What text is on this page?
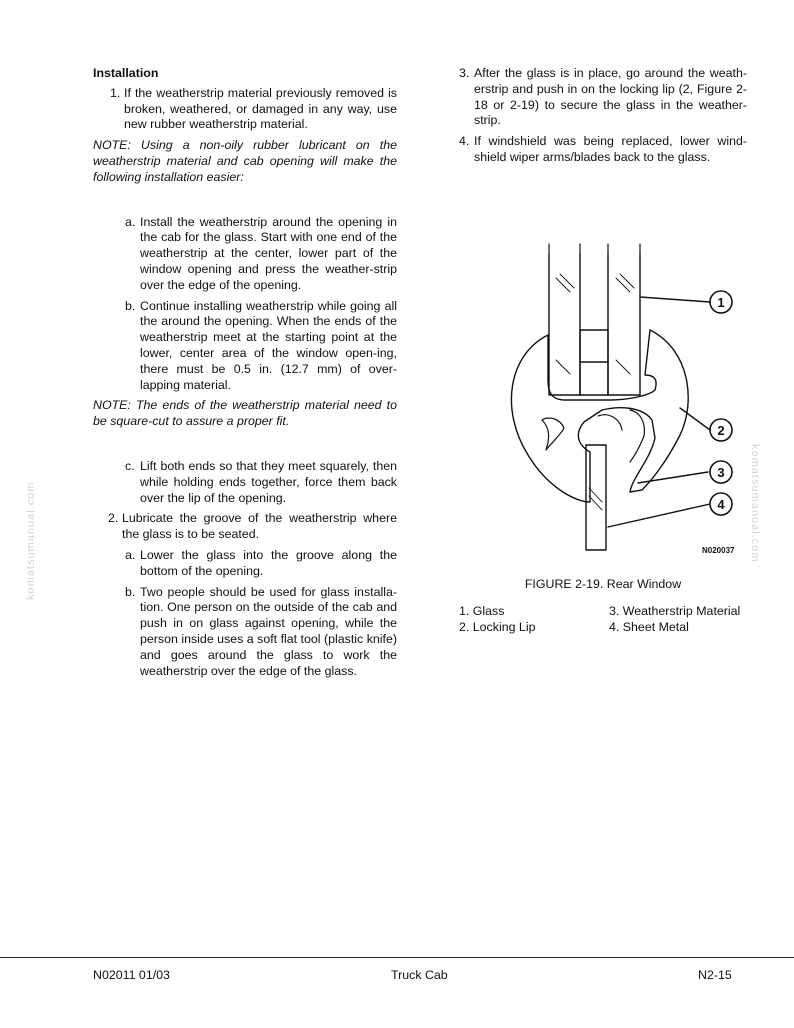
Installation
1. If the weatherstrip material previously removed is broken, weathered, or damaged in any way, use new rubber weatherstrip material.

NOTE: Using a non-oily rubber lubricant on the weatherstrip material and cab opening will make the following installation easier:

a. Install the weatherstrip around the opening in the cab for the glass. Start with one end of the weatherstrip at the center, lower part of the window opening and press the weather-strip over the edge of the opening.
b. Continue installing weatherstrip while going all the around the opening. When the ends of the weatherstrip meet at the starting point at the lower, center area of the window open-ing, there must be 0.5 in. (12.7 mm) of over-lapping material.

NOTE: The ends of the weatherstrip material need to be square-cut to assure a proper fit.

c. Lift both ends so that they meet squarely, then while holding ends together, force them back over the lip of the opening.
2. Lubricate the groove of the weatherstrip where the glass is to be seated.
a. Lower the glass into the groove along the bottom of the opening.
b. Two people should be used for glass installa-tion. One person on the outside of the cab and push in on glass against opening, while the person inside uses a soft flat tool (plastic knife) and goes around the glass to work the weatherstrip over the edge of the glass.
3. After the glass is in place, go around the weath-erstrip and push in on the locking lip (2, Figure 2-18 or 2-19) to secure the glass in the weather-strip.
4. If windshield was being replaced, lower wind-shield wiper arms/blades back to the glass.
1
2
3
4
N020037
FIGURE 2-19. Rear Window
1. Glass	3. Weatherstrip Material
2. Locking Lip	4. Sheet Metal
komatsumanual.com	komatsumanual.com
N02011 01/03	Truck Cab	N2-15
